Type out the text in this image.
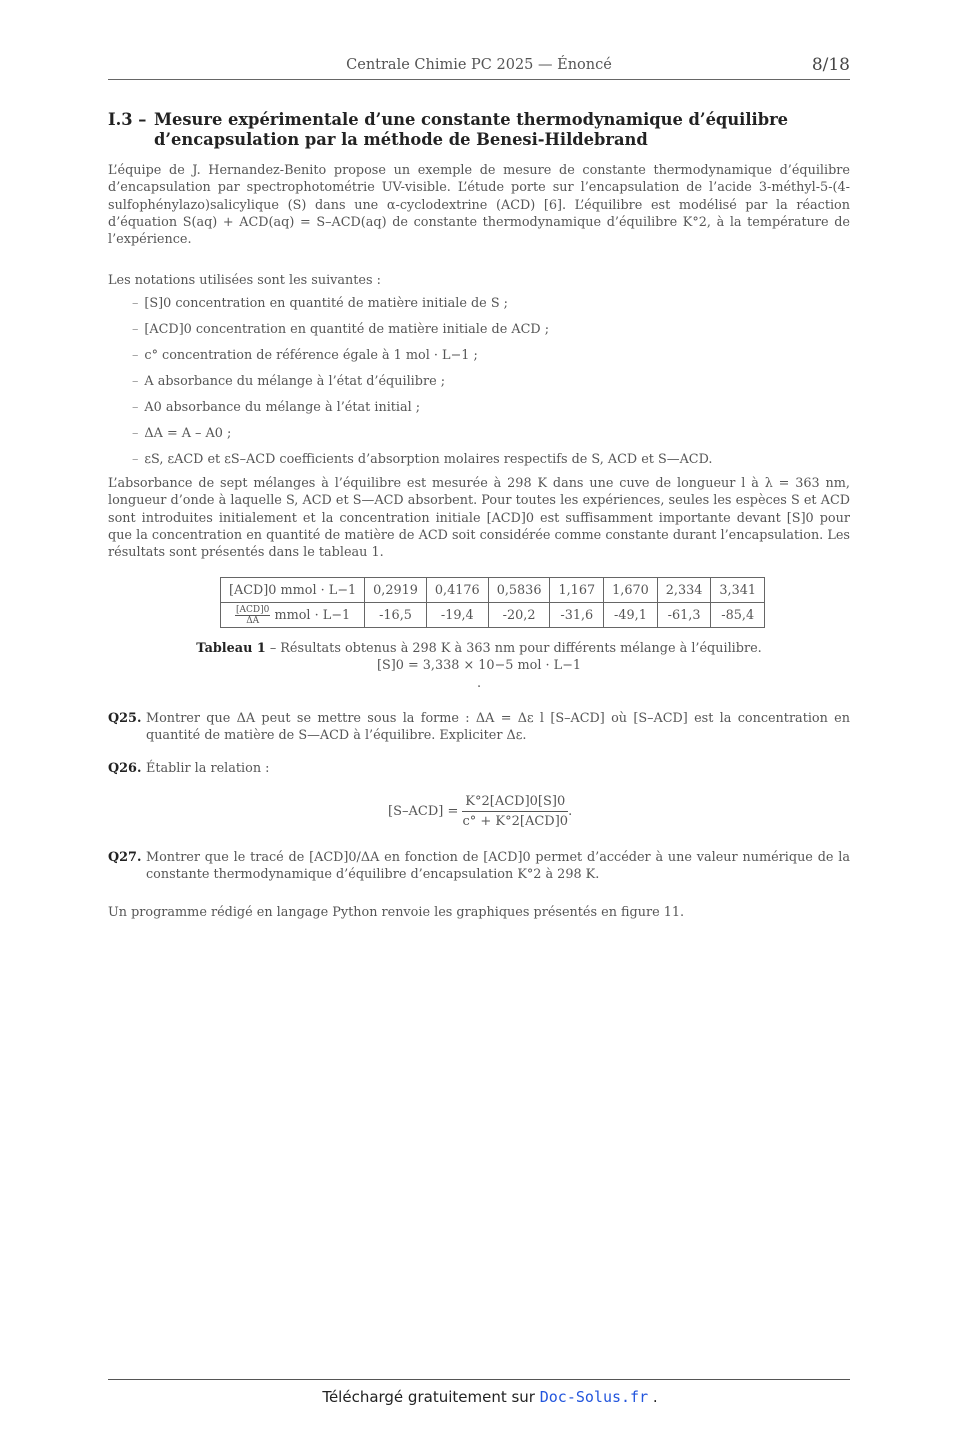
Centrale Chimie PC 2025 — Énoncé	8/18
I.3 – Mesure expérimentale d’une constante thermodynamique d’équilibre d’encapsulation par la méthode de Benesi-Hildebrand
L’équipe de J. Hernandez-Benito propose un exemple de mesure de constante thermodynamique d’équilibre d’encapsulation par spectrophotométrie UV-visible. L’étude porte sur l’encapsulation de l’acide 3-méthyl-5-(4-sulfophénylazo)salicylique (S) dans une α-cyclodextrine (ACD) [6]. L’équilibre est modélisé par la réaction d’équation S(aq) + ACD(aq) = S–ACD(aq) de constante thermodynamique d’équilibre K°2, à la température de l’expérience.
Les notations utilisées sont les suivantes :
– [S]0 concentration en quantité de matière initiale de S ;
– [ACD]0 concentration en quantité de matière initiale de ACD ;
– c° concentration de référence égale à 1 mol · L−1 ;
– A absorbance du mélange à l’état d’équilibre ;
– A0 absorbance du mélange à l’état initial ;
– ΔA = A – A0 ;
– εS, εACD et εS–ACD coefficients d’absorption molaires respectifs de S, ACD et S—ACD.
L’absorbance de sept mélanges à l’équilibre est mesurée à 298 K dans une cuve de longueur l à λ = 363 nm, longueur d’onde à laquelle S, ACD et S—ACD absorbent. Pour toutes les expériences, seules les espèces S et ACD sont introduites initialement et la concentration initiale [ACD]0 est suffisamment importante devant [S]0 pour que la concentration en quantité de matière de ACD soit considérée comme constante durant l’encapsulation. Les résultats sont présentés dans le tableau 1.
[ACD]0 mmol · L−1	0,2919	0,4176	0,5836	1,167	1,670	2,334	3,341

$\frac{\text{[ACD]0}}{\Delta A}$ mmol · L−1	-16,5	-19,4	-20,2	-31,6	-49,1	-61,3	-85,4
Tableau 1 – Résultats obtenus à 298 K à 363 nm pour différents mélange à l’équilibre.
[S]0 = 3,338 × 10−5 mol · L−1
.
Q25. Montrer que ΔA peut se mettre sous la forme : ΔA = Δε l [S–ACD] où [S–ACD] est la concentration en quantité de matière de S—ACD à l’équilibre. Expliciter Δε.
Q26. Établir la relation :
[S–ACD] =
K°2[ACD]0[S]0
c° + K°2[ACD]0
.
Q27. Montrer que le tracé de [ACD]0/ΔA en fonction de [ACD]0 permet d’accéder à une valeur numérique de la constante thermodynamique d’équilibre d’encapsulation K°2 à 298 K.
Un programme rédigé en langage Python renvoie les graphiques présentés en figure 11.
Téléchargé gratuitement sur Doc-Solus.fr .
